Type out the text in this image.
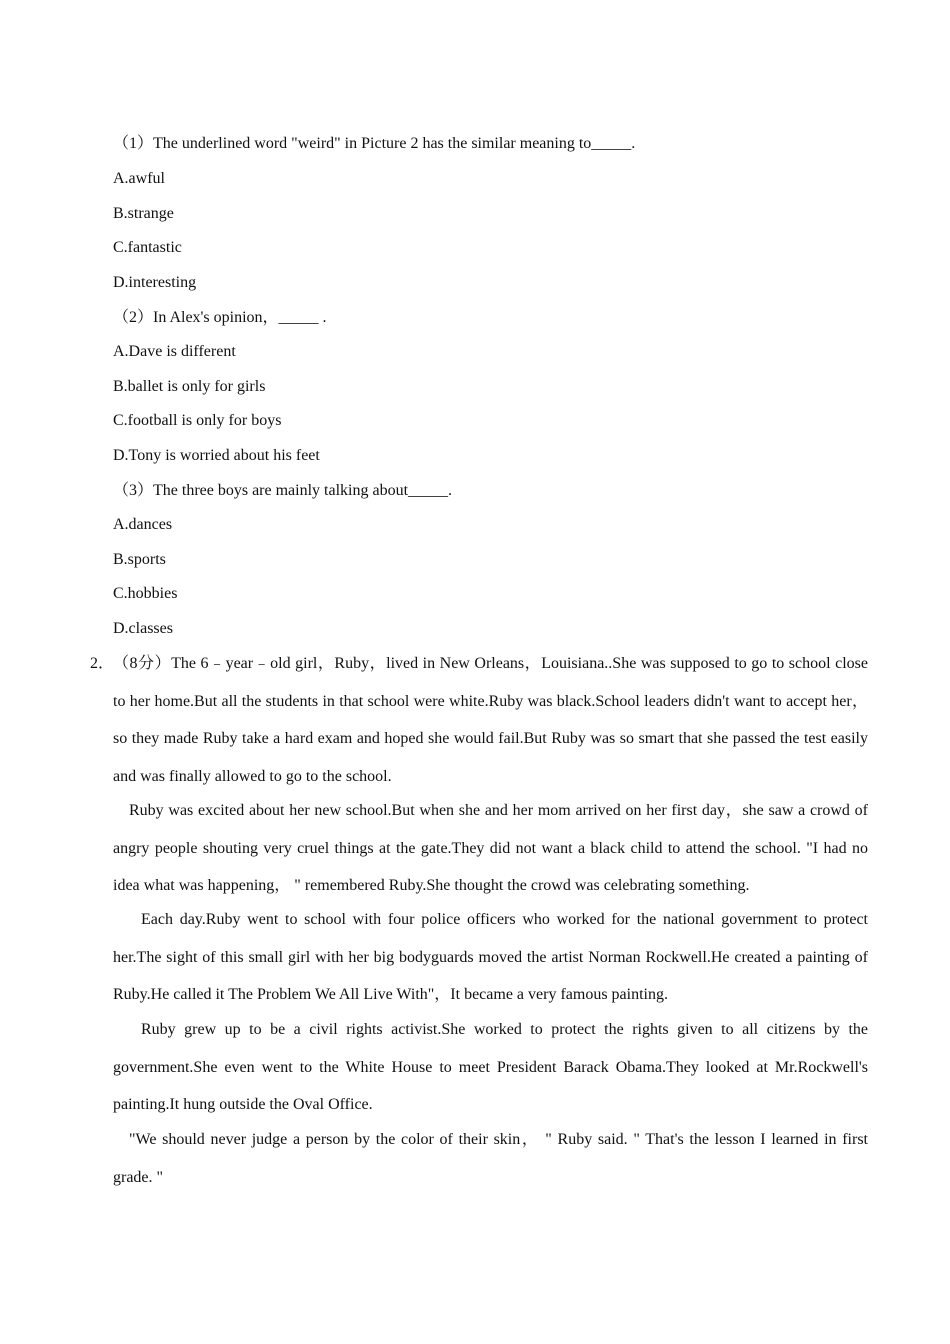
（1）The underlined word "weird" in Picture 2 has the similar meaning to_____.
A.awful
B.strange
C.fantastic
D.interesting
（2）In Alex's opinion，_____ .
A.Dave is different
B.ballet is only for girls
C.football is only for boys
D.Tony is worried about his feet
（3）The three boys are mainly talking about_____.
A.dances
B.sports
C.hobbies
D.classes
2．
（8分）The 6﹣year﹣old girl，Ruby，lived in New Orleans，Louisiana..She was supposed to go to school close to her home.But all the students in that school were white.Ruby was black.School leaders didn't want to accept her， so they made Ruby take a hard exam and hoped she would fail.But Ruby was so smart that she passed the test easily and was finally allowed to go to the school.
Ruby was excited about her new school.But when she and her mom arrived on her first day，she saw a crowd of angry people shouting very cruel things at the gate.They did not want a black child to attend the school. "I had no idea what was happening， " remembered Ruby.She thought the crowd was celebrating something.
Each day.Ruby went to school with four police officers who worked for the national government to protect her.The sight of this small girl with her big bodyguards moved the artist Norman Rockwell.He created a painting of Ruby.He called it The Problem We All Live With"，It became a very famous painting.
Ruby grew up to be a civil rights activist.She worked to protect the rights given to all citizens by the government.She even went to the White House to meet President Barack Obama.They looked at Mr.Rockwell's painting.It hung outside the Oval Office.
"We should never judge a person by the color of their skin， " Ruby said. " That's the lesson I learned in first grade. "
